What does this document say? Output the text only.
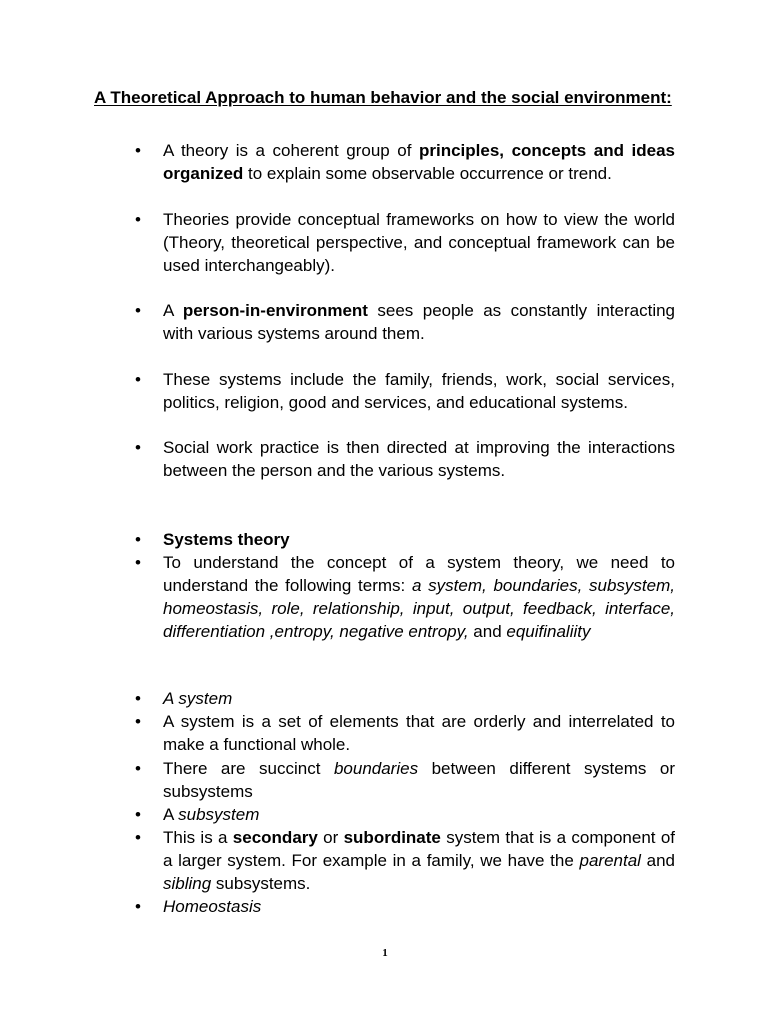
A Theoretical Approach to human behavior and the social environment:
•	A theory is a coherent group of principles, concepts and ideas organized to explain some observable occurrence or trend.
•	Theories provide conceptual frameworks on how to view the world (Theory, theoretical perspective, and conceptual framework can be used interchangeably).
•	A person-in-environment sees people as constantly interacting with various systems around them.
•	These systems include the family, friends, work, social services, politics, religion, good and services, and educational systems.
•	Social work practice is then directed at improving the interactions between the person and the various systems.
•	Systems theory
•	To understand the concept of a system theory, we need to understand the following terms: a system, boundaries, subsystem, homeostasis, role, relationship, input, output, feedback, interface, differentiation ,entropy, negative entropy, and equifinaliity
•	A system
•	A system is a set of elements that are orderly and interrelated to make a functional whole.
•	There are succinct boundaries between different systems or subsystems
•	A subsystem
•	This is a secondary or subordinate system that is a component of a larger system. For example in a family, we have the parental and sibling subsystems.
•	Homeostasis
1
